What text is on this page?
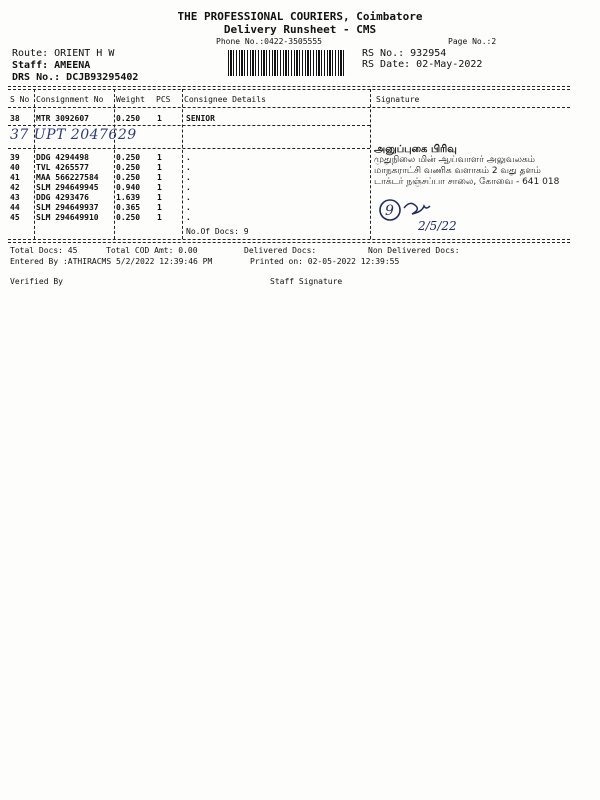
THE PROFESSIONAL COURIERS, Coimbatore
Delivery Runsheet - CMS
Phone No.:0422-3505555	Page No.:2
Route: ORIENT H W
Staff: AMEENA
DRS No.: DCJB93295402
RS No.: 932954
RS Date: 02-May-2022
S No Consignment No Weight PCS Consignee Details	Signature
38 MTR 3092607	0.250 1	SENIOR
37 UPT 2047629
39 DDG 4294498	0.250 1	.
40 TVL 4265577	0.250 1	.
41 MAA 566227584 0.250 1	.
42 SLM 294649945 0.940 1	.
43 DDG 4293476	1.639 1	.
44 SLM 294649937 0.365 1	.
45 SLM 294649910 0.250 1	.
No.Of Docs: 9
அனுப்புகை பிரிவு
முதுநிலை மின் ஆய்வாளர் அலுவலகம்
மாநகராட்சி வணிக வளாகம் 2 வது தளம்
டாக்டர் நஞ்சப்பா சாலை, கோவை - 641 018
9
2/5/22
Total Docs: 45	Total COD Amt: 0.00	Delivered Docs:	Non Delivered Docs:
Entered By :ATHIRACMS 5/2/2022 12:39:46 PM	Printed on: 02-05-2022 12:39:55
Verified By	Staff Signature
